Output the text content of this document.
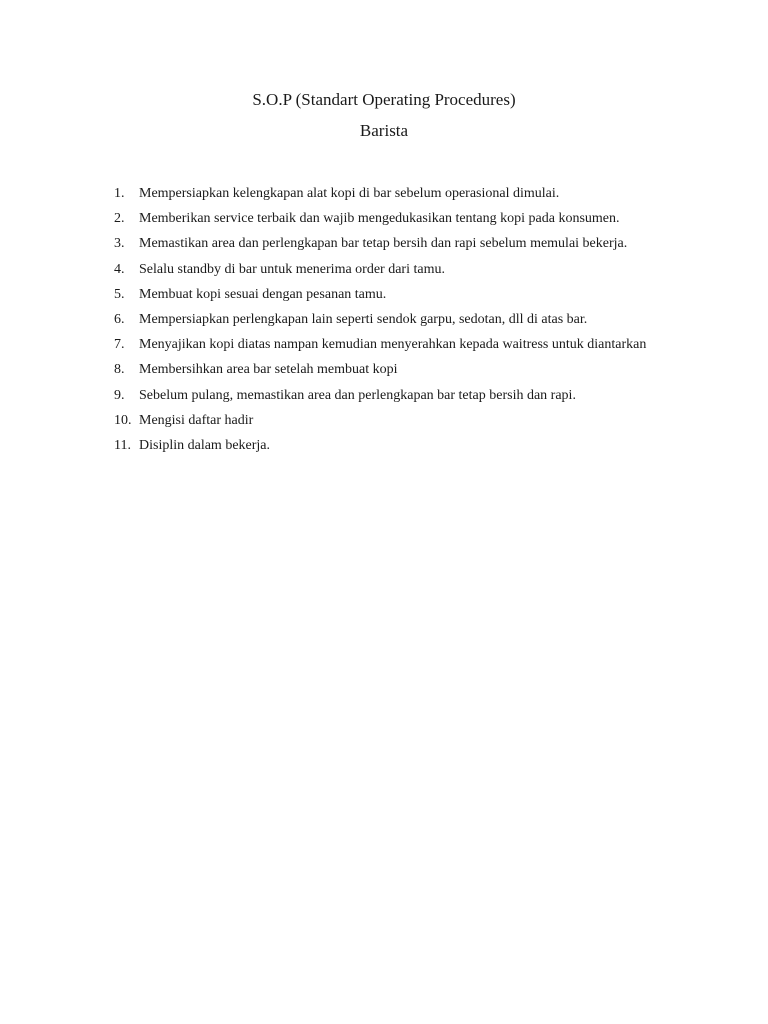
S.O.P (Standart Operating Procedures)
Barista
1.	Mempersiapkan kelengkapan alat kopi di bar sebelum operasional dimulai.
2.	Memberikan service terbaik dan wajib mengedukasikan tentang kopi pada konsumen.
3.	Memastikan area dan perlengkapan bar tetap bersih dan rapi sebelum memulai bekerja.
4.	Selalu standby di bar untuk menerima order dari tamu.
5.	Membuat kopi sesuai dengan pesanan tamu.
6.	Mempersiapkan perlengkapan lain seperti sendok garpu, sedotan, dll di atas bar.
7.	Menyajikan kopi diatas nampan kemudian menyerahkan kepada waitress untuk diantarkan
8.	Membersihkan area bar setelah membuat kopi
9.	Sebelum pulang, memastikan area dan perlengkapan bar tetap bersih dan rapi.
10. Mengisi daftar hadir
11. Disiplin dalam bekerja.
